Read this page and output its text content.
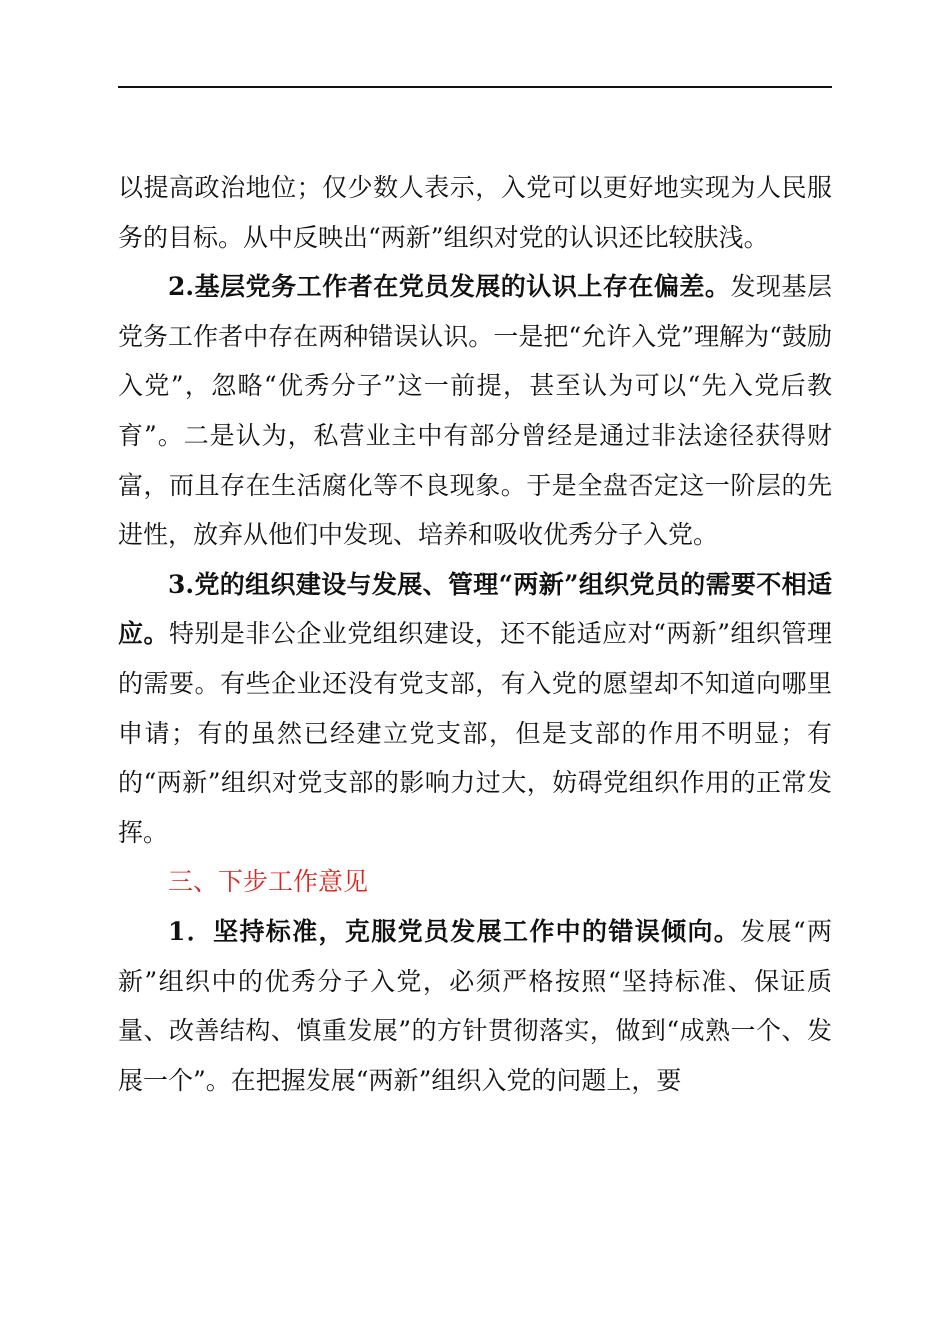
以提高政治地位；仅少数人表示，入党可以更好地实现为人民服务的目标。从中反映出“两新”组织对党的认识还比较肤浅。

2.基层党务工作者在党员发展的认识上存在偏差。发现基层党务工作者中存在两种错误认识。一是把“允许入党”理解为“鼓励入党”，忽略“优秀分子”这一前提，甚至认为可以“先入党后教育”。二是认为，私营业主中有部分曾经是通过非法途径获得财富，而且存在生活腐化等不良现象。于是全盘否定这一阶层的先进性，放弃从他们中发现、培养和吸收优秀分子入党。

3.党的组织建设与发展、管理“两新”组织党员的需要不相适应。特别是非公企业党组织建设，还不能适应对“两新”组织管理的需要。有些企业还没有党支部，有入党的愿望却不知道向哪里申请；有的虽然已经建立党支部，但是支部的作用不明显；有的“两新”组织对党支部的影响力过大，妨碍党组织作用的正常发挥。

三、下步工作意见

1．坚持标准，克服党员发展工作中的错误倾向。发展“两新”组织中的优秀分子入党，必须严格按照“坚持标准、保证质量、改善结构、慎重发展”的方针贯彻落实，做到“成熟一个、发展一个”。在把握发展“两新”组织入党的问题上，要
